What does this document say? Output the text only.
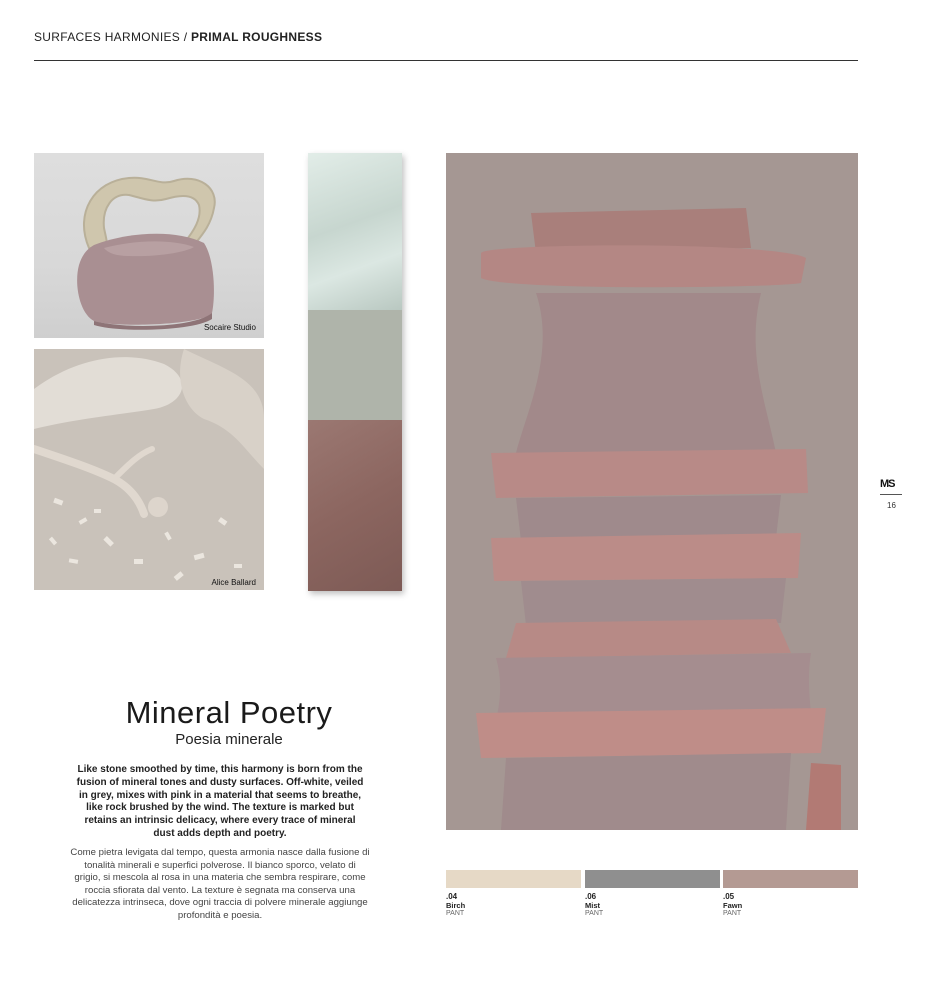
SURFACES HARMONIES / PRIMAL ROUGHNESS
Socaire Studio
Alice Ballard
Mineral Poetry
Poesia minerale
Like stone smoothed by time, this harmony is born from the fusion of mineral tones and dusty surfaces. Off-white, veiled in grey, mixes with pink in a material that seems to breathe, like rock brushed by the wind. The texture is marked but retains an intrinsic delicacy, where every trace of mineral dust adds depth and poetry.
Come pietra levigata dal tempo, questa armonia nasce dalla fusione di tonalità minerali e superfici polverose. Il bianco sporco, velato di grigio, si mescola al rosa in una materia che sembra respirare, come roccia sfiorata dal vento. La texture è segnata ma conserva una delicatezza intrinseca, dove ogni traccia di polvere minerale aggiunge profondità e poesia.
.04
Birch
PANT
.06
Mist
PANT
.05
Fawn
PANT
MS
16
